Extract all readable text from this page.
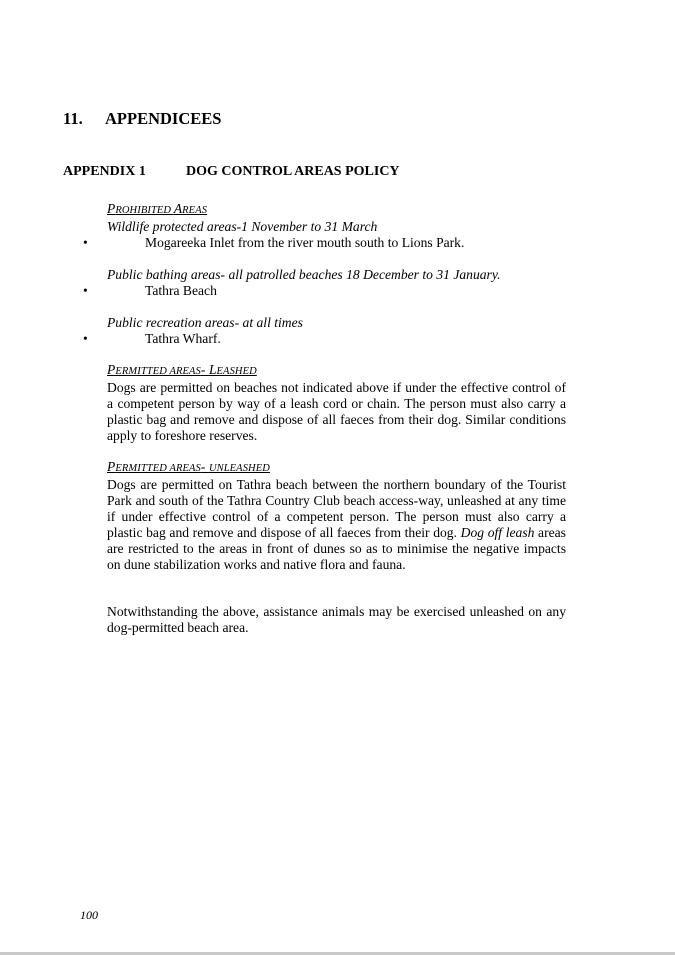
11. APPENDICEES
APPENDIX 1	DOG CONTROL AREAS POLICY

PROHIBITED AREAS

Wildlife protected areas-1 November to 31 March

•	Mogareeka Inlet from the river mouth south to Lions Park.

Public bathing areas- all patrolled beaches 18 December to 31 January.

•	Tathra Beach

Public recreation areas- at all times

•	Tathra Wharf.

PERMITTED AREAS- LEASHED

Dogs are permitted on beaches not indicated above if under the effective control of a competent person by way of a leash cord or chain. The person must also carry a plastic bag and remove and dispose of all faeces from their dog. Similar conditions apply to foreshore reserves.

PERMITTED AREAS- UNLEASHED

Dogs are permitted on Tathra beach between the northern boundary of the Tourist Park and south of the Tathra Country Club beach access-way, unleashed at any time if under effective control of a competent person. The person must also carry a plastic bag and remove and dispose of all faeces from their dog. Dog off leash areas are restricted to the areas in front of dunes so as to minimise the negative impacts on dune stabilization works and native flora and fauna.

Notwithstanding the above, assistance animals may be exercised unleashed on any dog-permitted beach area.

100
